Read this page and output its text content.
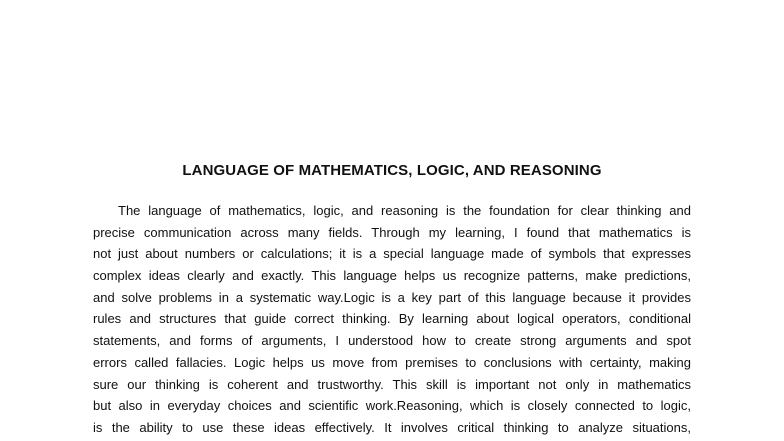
LANGUAGE OF MATHEMATICS, LOGIC, AND REASONING
The language of mathematics, logic, and reasoning is the foundation for clear thinking and
precise communication across many fields. Through my learning, I found that mathematics is
not just about numbers or calculations; it is a special language made of symbols that expresses
complex ideas clearly and exactly. This language helps us recognize patterns, make predictions,
and solve problems in a systematic way.Logic is a key part of this language because it provides
rules and structures that guide correct thinking. By learning about logical operators, conditional
statements, and forms of arguments, I understood how to create strong arguments and spot
errors called fallacies. Logic helps us move from premises to conclusions with certainty, making
sure our thinking is coherent and trustworthy. This skill is important not only in mathematics
but also in everyday choices and scientific work.Reasoning, which is closely connected to logic,
is the ability to use these ideas effectively. It involves critical thinking to analyze situations,
